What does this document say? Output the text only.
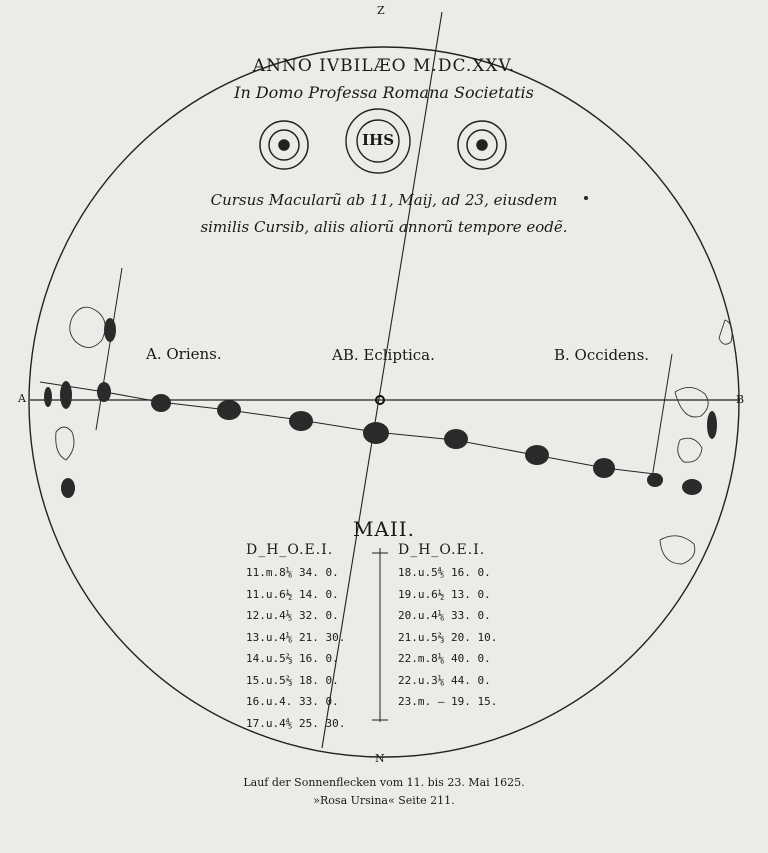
Z
N
A	B
ANNO IVBILÆO M.DC.XXV.
In Domo Professa Romana Societatis
IHS
Cursus Macularũ ab 11, Maij, ad 23, eiusdem
similis Cursib, aliis aliorũ annorũ tempore eodẽ.
A. Oriens.	AB. Ecliptica.	B. Occidens.
MAII.
D_H_O.E.I.	D_H_O.E.I.
11.m.8⅙ 34. 0.
11.u.6½ 14. 0.
12.u.4⅕ 32. 0.
13.u.4⅙ 21. 30.
14.u.5⅔ 16. 0.
15.u.5⅔ 18. 0.
16.u.4. 33. 0.
17.u.4⅘ 25. 30.
18.u.5⅘ 16. 0.
19.u.6½ 13. 0.
20.u.4⅙ 33. 0.
21.u.5⅔ 20. 10.
22.m.8⅙ 40. 0.
22.u.3⅙ 44. 0.
23.m. — 19. 15.
Lauf der Sonnenflecken vom 11. bis 23. Mai 1625.
»Rosa Ursina« Seite 211.
